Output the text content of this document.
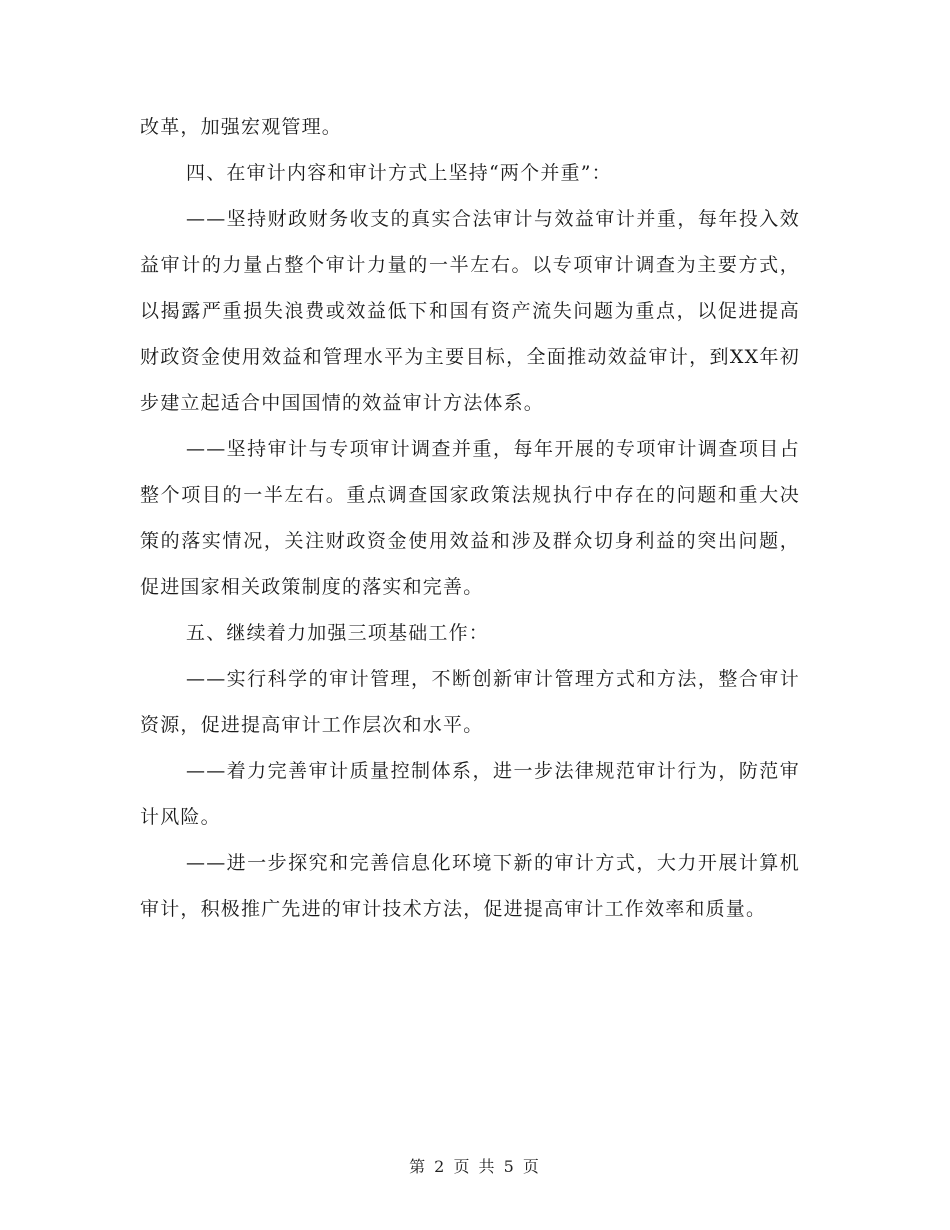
改革，加强宏观管理。

四、在审计内容和审计方式上坚持“两个并重”：

——坚持财政财务收支的真实合法审计与效益审计并重，每年投入效益审计的力量占整个审计力量的一半左右。以专项审计调查为主要方式，以揭露严重损失浪费或效益低下和国有资产流失问题为重点，以促进提高财政资金使用效益和管理水平为主要目标，全面推动效益审计，到XX年初步建立起适合中国国情的效益审计方法体系。

——坚持审计与专项审计调查并重，每年开展的专项审计调查项目占整个项目的一半左右。重点调查国家政策法规执行中存在的问题和重大决策的落实情况，关注财政资金使用效益和涉及群众切身利益的突出问题，促进国家相关政策制度的落实和完善。

五、继续着力加强三项基础工作：

——实行科学的审计管理，不断创新审计管理方式和方法，整合审计资源，促进提高审计工作层次和水平。

——着力完善审计质量控制体系，进一步法律规范审计行为，防范审计风险。

——进一步探究和完善信息化环境下新的审计方式，大力开展计算机审计，积极推广先进的审计技术方法，促进提高审计工作效率和质量。

第 2 页 共 5 页
